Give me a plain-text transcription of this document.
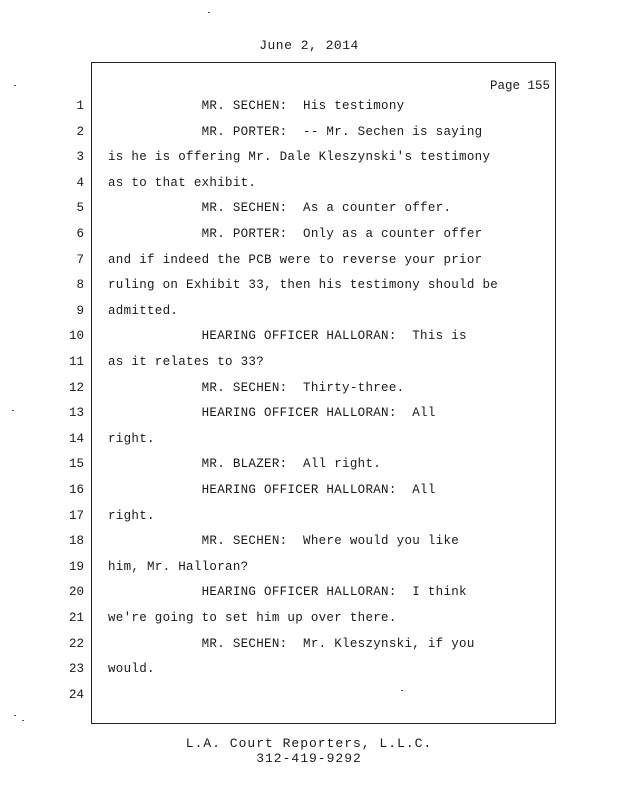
June 2, 2014
Page 155
1 MR. SECHEN:  His testimony
2 MR. PORTER:  -- Mr. Sechen is saying
3 is he is offering Mr. Dale Kleszynski's testimony
4 as to that exhibit.
5 MR. SECHEN:  As a counter offer.
6 MR. PORTER:  Only as a counter offer
7 and if indeed the PCB were to reverse your prior
8 ruling on Exhibit 33, then his testimony should be
9 admitted.
10 HEARING OFFICER HALLORAN:  This is
11 as it relates to 33?
12 MR. SECHEN:  Thirty-three.
13 HEARING OFFICER HALLORAN:  All
14 right.
15 MR. BLAZER:  All right.
16 HEARING OFFICER HALLORAN:  All
17 right.
18 MR. SECHEN:  Where would you like
19 him, Mr. Halloran?
20 HEARING OFFICER HALLORAN:  I think
21 we're going to set him up over there.
22 MR. SECHEN:  Mr. Kleszynski, if you
23 would.
24
L.A. Court Reporters, L.L.C.
312-419-9292
